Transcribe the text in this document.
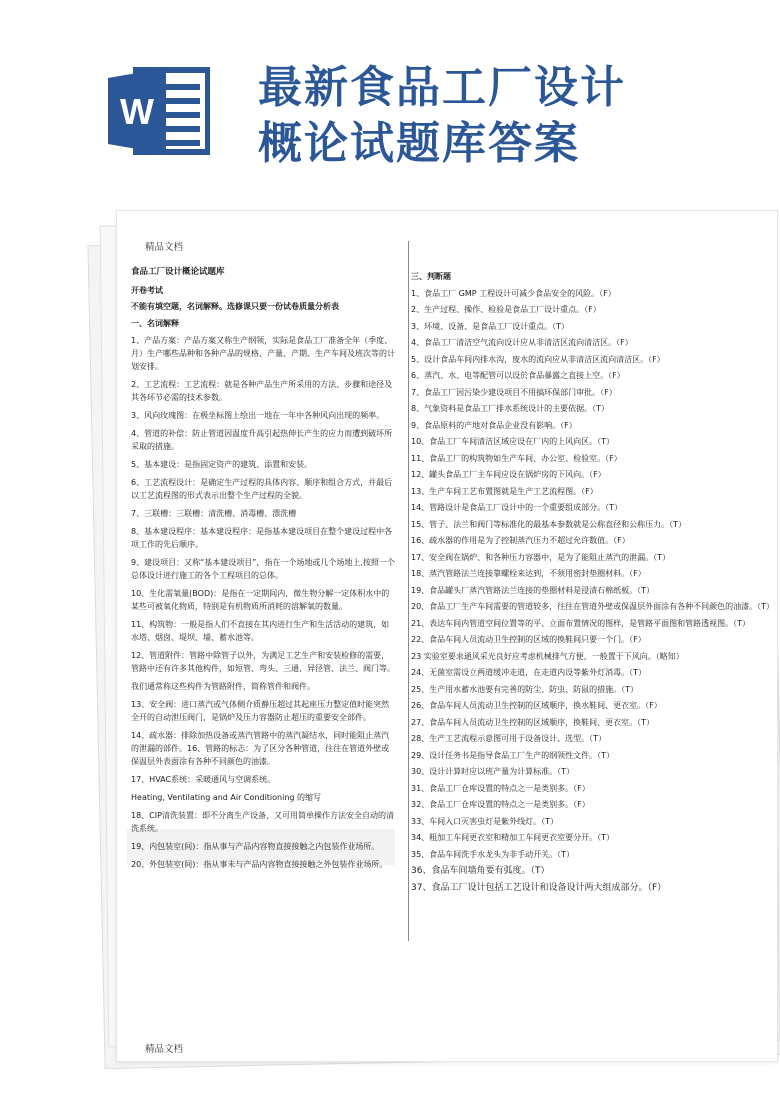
W 最新食品工厂设计
概论试题库答案
精品文档
食品工厂设计概论试题库
开卷考试
不能有填空题，名词解释。选修课只要一份试卷质量分析表
一、名词解释
1、产品方案：产品方案又称生产纲领，实际是食品工厂准备全年（季度、月）生产哪些品种和各种产品的规格、产量、产期、生产车间及班次等的计划安排。
2、工艺流程：工艺流程：就是各种产品生产所采用的方法、步骤和途径及其各环节必需的技术参数。
3、风向玫瑰图：在极坐标图上绘出一地在一年中各种风向出现的频率。
4、管道的补偿：防止管道因温度升高引起热伸长产生的应力而遭到破坏所采取的措施。
5、基本建设：是指固定资产的建筑、添置和安装。
6、工艺流程设计：是确定生产过程的具体内容、顺序和组合方式，并最后以工艺流程图的形式表示出整个生产过程的全貌。
7、三联槽：三联槽：清洗槽、消毒槽、漂洗槽
8、基本建设程序：基本建设程序：是指基本建设项目在整个建设过程中各项工作的先后顺序。
9、建设项目：又称“基本建设项目”，指在一个场地或几个场地上,按照一个总体设计进行施工的各个工程项目的总体。
10、生化需氧量(BOD)：是指在一定期间内，微生物分解一定体积水中的某些可被氧化物质，特别是有机物质所消耗的溶解氧的数量。
11、构筑物：一般是指人们不直接在其内进行生产和生活活动的建筑，如水塔、烟囱、堤坝、墙、蓄水池等。
12、管道附件：管路中除管子以外，为满足工艺生产和安装检修的需要，管路中还有许多其他构件，如短管、弯头、三通、异径管、法兰、阀门等。
我们通常称这些构件为管路附件，简称管件和阀件。
13、安全阀：进口蒸汽或气体侧介质静压超过其起座压力整定值时能突然全开的自动泄压阀门，是锅炉及压力容器防止超压的重要安全部件。
14、疏水器：排除加热设备或蒸汽管路中的蒸汽凝结水，同时能阻止蒸汽的泄漏的部件。16、管路的标志：为了区分各种管道，往往在管道外壁或保温层外表面涂有各种不同颜色的油漆。
17、HVAC系统：采暖通风与空调系统。
Heating, Ventilating and Air Conditioning 的缩写
18、CIP清洗装置：即不分离生产设备，又可用简单操作方法安全自动的清洗系统。
19、内包装室(间)：指从事与产品内容物直接接触之内包装作业场所。
20、外包装室(间)：指从事未与产品内容物直接接触之外包装作业场所。
三、判断题
1、食品工厂 GMP 工程设计可减少食品安全的风险。（F）
2、生产过程、操作、检验是食品工厂设计重点。（F）
3、环境、设备、是食品工厂设计重点。（T）
4、食品工厂清洁空气流向设计应从非清洁区流向清洁区。（F）
5、设计食品车间内排水沟，废水的流向应从非清洁区流向清洁区。（F）
6、蒸汽、水、电等配管可以设於食品暴露之直接上空。（F）
7、食品工厂因污染少建设项目不用搞环保部门审批。（F）
8、气象资料是食品工厂排水系统设计的主要依据。（T）
9、食品原料的产地对食品企业没有影响。（F）
10、食品工厂车间清洁区域应设在厂内的上风向区。（T）
11、食品工厂的构筑物如生产车间、办公室、检验室。（F）
12、罐头食品工厂主车间应设在锅炉房的下风向。（F）
13、生产车间工艺布置图就是生产工艺流程图。（F）
14、管路设计是食品工厂设计中的一个重要组成部分。（T）
15、管子、法兰和阀门等标准化的最基本参数就是公称直径和公称压力。（T）
16、疏水器的作用是为了控制蒸汽压力不超过允许数值。（F）
17、安全阀在锅炉、和各种压力容器中，是为了能阻止蒸汽的泄漏。（T）
18、蒸汽管路法兰连接靠螺栓来达到，不须用密封垫圈材料。（F）
19、食品罐头厂蒸汽管路法兰连接的垫圈材料是浸渍石棉纸板。（T）
20、食品工厂生产车间需要的管道较多，往往在管道外壁或保温层外面涂有各种不同颜色的油漆。（T）
21、表达车间内管道空间位置等的平、立面布置情况的图样，是管路平面图和管路透视图。（T）
22、食品车间人员流动卫生控制的区域的换鞋间只要一个门。（F）
23 实验室要求通风采光良好应考虑机械排气方便，一般置于下风向。（略知）
24、无菌室需设立两道缓冲走道，在走道内设等紫外灯消毒。（T）
25、生产用水蓄水池要有完善的防尘、防虫、防鼠的措施。（T）
26、食品车间人员流动卫生控制的区域顺序，换水鞋间、更衣室。（F）
27、食品车间人员流动卫生控制的区域顺序，换鞋间、更衣室。（T）
28、生产工艺流程示意图可用于设备设计、选型。（T）
29、设计任务书是指导食品工厂生产的纲领性文件。（T）
30、设计计算时应以班产量为计算标准。（T）
31、食品工厂仓库设置的特点之一是类别多。（F）
32、食品工厂仓库设置的特点之一是类别多。（F）
33、车间入口灭害虫灯是紫外线灯。（T）
34、粗加工车间更衣室和精加工车间更衣室要分开。（T）
35、食品车间洗手水龙头为非手动开关。（T）
36、食品车间墙角要有弧度。（T）
37、食品工厂设计包括工艺设计和设备设计两大组成部分。（F）
精品文档
